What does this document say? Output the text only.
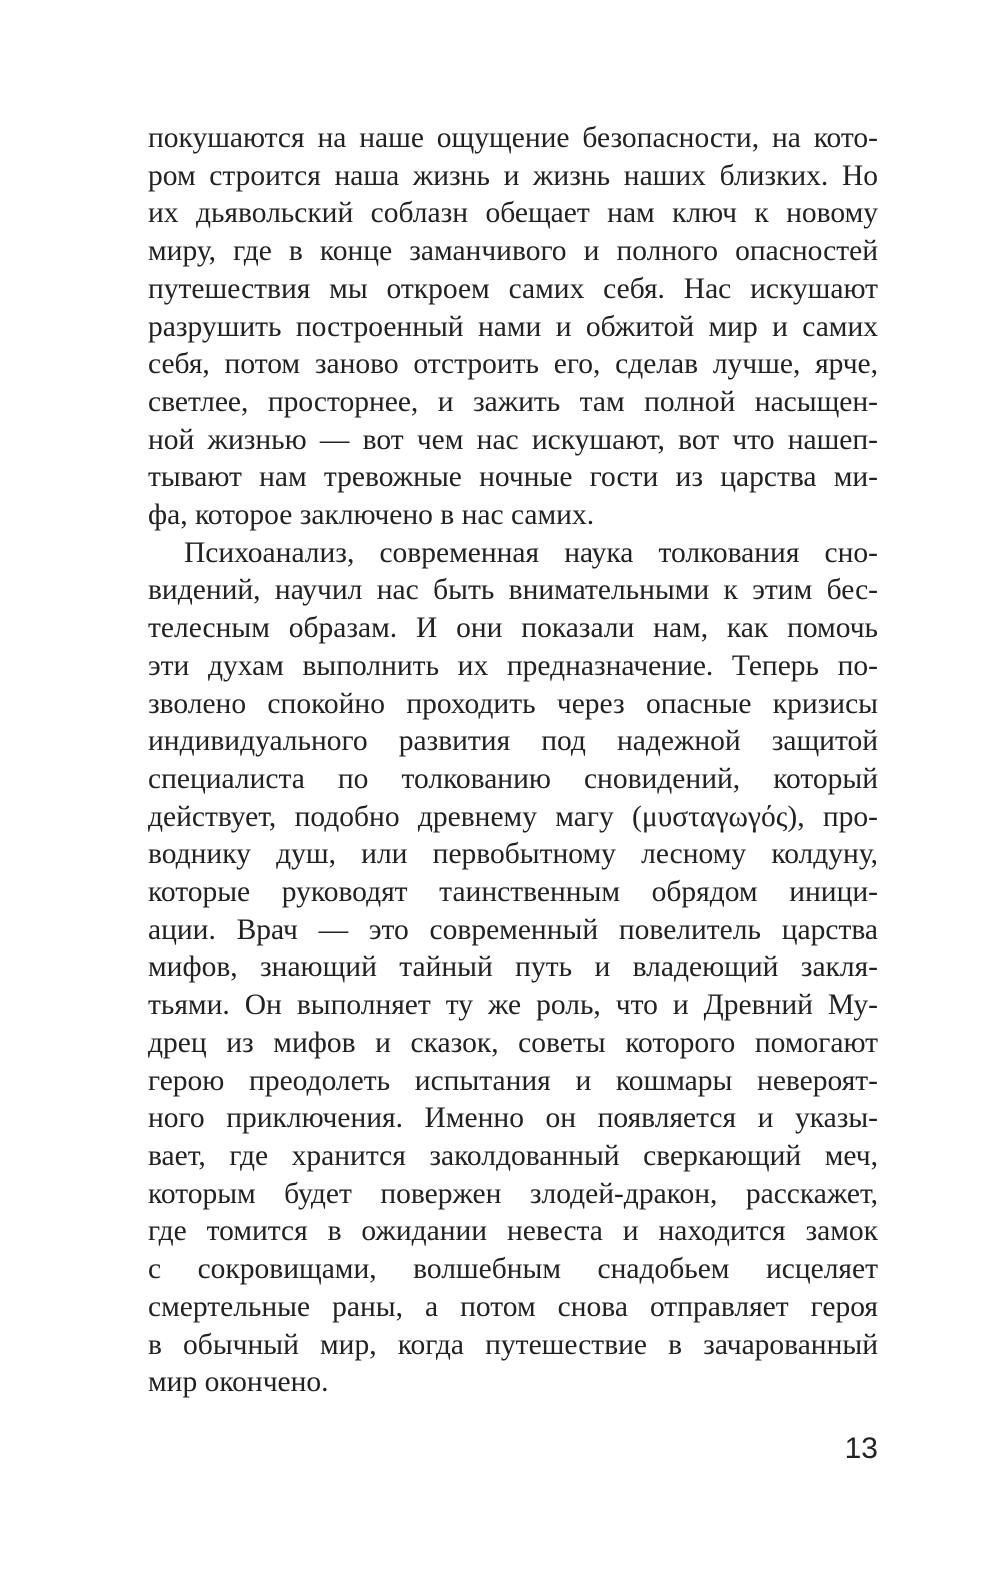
покушаются на наше ощущение безопасности, на кото-
ром строится наша жизнь и жизнь наших близких. Но
их дьявольский соблазн обещает нам ключ к новому
миру, где в конце заманчивого и полного опасностей
путешествия мы откроем самих себя. Нас искушают
разрушить построенный нами и обжитой мир и самих
себя, потом заново отстроить его, сделав лучше, ярче,
светлее, просторнее, и зажить там полной насыщен-
ной жизнью — вот чем нас искушают, вот что нашеп-
тывают нам тревожные ночные гости из царства ми-
фа, которое заключено в нас самих.

Психоанализ, современная наука толкования сно-
видений, научил нас быть внимательными к этим бес-
телесным образам. И они показали нам, как помочь
эти духам выполнить их предназначение. Теперь по-
зволено спокойно проходить через опасные кризисы
индивидуального развития под надежной защитой
специалиста по толкованию сновидений, который
действует, подобно древнему магу (μυσταγωγός), про-
воднику душ, или первобытному лесному колдуну,
которые руководят таинственным обрядом иници-
ации. Врач — это современный повелитель царства
мифов, знающий тайный путь и владеющий закля-
тьями. Он выполняет ту же роль, что и Древний Му-
дрец из мифов и сказок, советы которого помогают
герою преодолеть испытания и кошмары невероят-
ного приключения. Именно он появляется и указы-
вает, где хранится заколдованный сверкающий меч,
которым будет повержен злодей-дракон, расскажет,
где томится в ожидании невеста и находится замок
с сокровищами, волшебным снадобьем исцеляет
смертельные раны, а потом снова отправляет героя
в обычный мир, когда путешествие в зачарованный
мир окончено.

13
